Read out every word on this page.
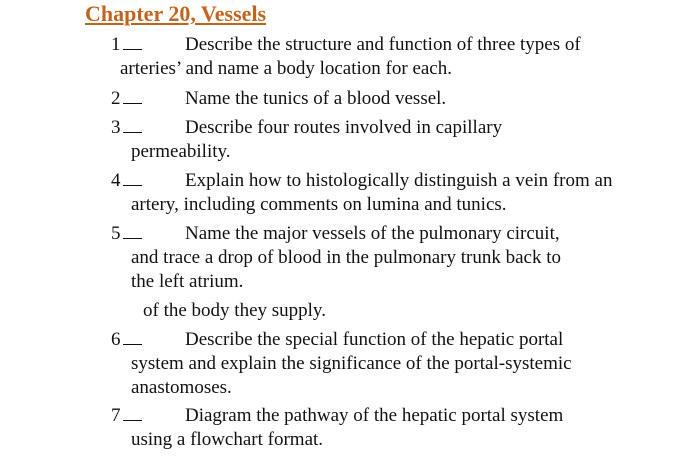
Chapter 20, Vessels
1	Describe the structure and function of three types of
arteries’ and name a body location for each.
2	Name the tunics of a blood vessel.
3	Describe four routes involved in capillary
permeability.
4	Explain how to histologically distinguish a vein from an
artery, including comments on lumina and tunics.
5	Name the major vessels of the pulmonary circuit,
and trace a drop of blood in the pulmonary trunk back to
the left atrium.
of the body they supply.
6	Describe the special function of the hepatic portal
system and explain the significance of the portal-systemic
anastomoses.
7	Diagram the pathway of the hepatic portal system
using a flowchart format.
